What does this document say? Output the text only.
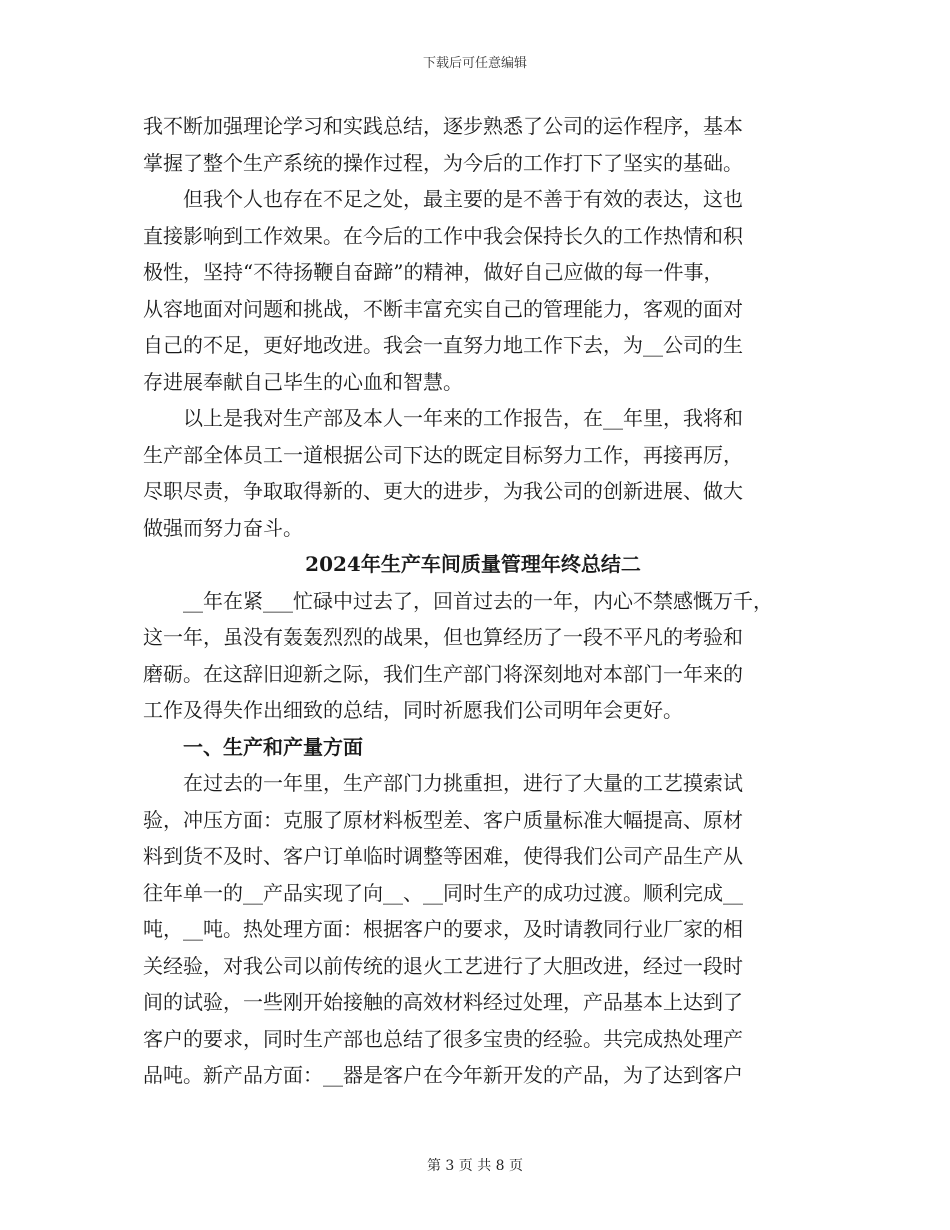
下载后可任意编辑
我不断加强理论学习和实践总结，逐步熟悉了公司的运作程序，基本
掌握了整个生产系统的操作过程，为今后的工作打下了坚实的基础。
　　但我个人也存在不足之处，最主要的是不善于有效的表达，这也
直接影响到工作效果。在今后的工作中我会保持长久的工作热情和积
极性，坚持“不待扬鞭自奋蹄”的精神，做好自己应做的每一件事，
从容地面对问题和挑战，不断丰富充实自己的管理能力，客观的面对
自己的不足，更好地改进。我会一直努力地工作下去，为__公司的生
存进展奉献自己毕生的心血和智慧。
　　以上是我对生产部及本人一年来的工作报告，在__年里，我将和
生产部全体员工一道根据公司下达的既定目标努力工作，再接再厉，
尽职尽责，争取取得新的、更大的进步，为我公司的创新进展、做大
做强而努力奋斗。
2024年生产车间质量管理年终总结二
　　__年在紧___忙碌中过去了，回首过去的一年，内心不禁感慨万千，
这一年，虽没有轰轰烈烈的战果，但也算经历了一段不平凡的考验和
磨砺。在这辞旧迎新之际，我们生产部门将深刻地对本部门一年来的
工作及得失作出细致的总结，同时祈愿我们公司明年会更好。
　　一、生产和产量方面
　　在过去的一年里，生产部门力挑重担，进行了大量的工艺摸索试
验，冲压方面：克服了原材料板型差、客户质量标准大幅提高、原材
料到货不及时、客户订单临时调整等困难，使得我们公司产品生产从
往年单一的__产品实现了向__、__同时生产的成功过渡。顺利完成__
吨，__吨。热处理方面：根据客户的要求，及时请教同行业厂家的相
关经验，对我公司以前传统的退火工艺进行了大胆改进，经过一段时
间的试验，一些刚开始接触的高效材料经过处理，产品基本上达到了
客户的要求，同时生产部也总结了很多宝贵的经验。共完成热处理产
品吨。新产品方面：__器是客户在今年新开发的产品，为了达到客户
第 3 页 共 8 页
